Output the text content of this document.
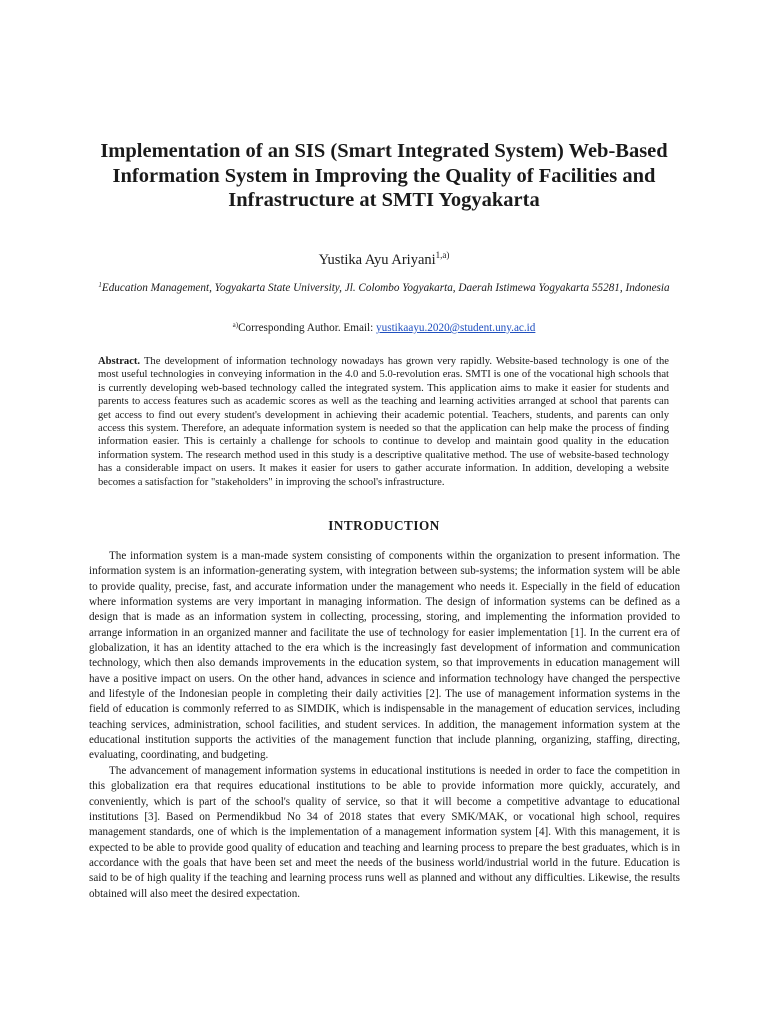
Implementation of an SIS (Smart Integrated System) Web-Based Information System in Improving the Quality of Facilities and Infrastructure at SMTI Yogyakarta
Yustika Ayu Ariyani$^{1,a)}$
$^1$Education Management, Yogyakarta State University, Jl. Colombo Yogyakarta, Daerah Istimewa Yogyakarta 55281, Indonesia
$^{a)}$Corresponding Author. Email: yustikaayu.2020@student.uny.ac.id
Abstract. The development of information technology nowadays has grown very rapidly. Website-based technology is one of the most useful technologies in conveying information in the 4.0 and 5.0-revolution eras. SMTI is one of the vocational high schools that is currently developing web-based technology called the integrated system. This application aims to make it easier for students and parents to access features such as academic scores as well as the teaching and learning activities arranged at school that parents can get access to find out every student's development in achieving their academic potential. Teachers, students, and parents can only access this system. Therefore, an adequate information system is needed so that the application can help make the process of finding information easier. This is certainly a challenge for schools to continue to develop and maintain good quality in the education information system. The research method used in this study is a descriptive qualitative method. The use of website-based technology has a considerable impact on users. It makes it easier for users to gather accurate information. In addition, developing a website becomes a satisfaction for "stakeholders" in improving the school's infrastructure.
INTRODUCTION

The information system is a man-made system consisting of components within the organization to present information. The information system is an information-generating system, with integration between sub-systems; the information system will be able to provide quality, precise, fast, and accurate information under the management who needs it. Especially in the field of education where information systems are very important in managing information. The design of information systems can be defined as a design that is made as an information system in collecting, processing, storing, and implementing the information provided to arrange information in an organized manner and facilitate the use of technology for easier implementation [1]. In the current era of globalization, it has an identity attached to the era which is the increasingly fast development of information and communication technology, which then also demands improvements in the education system, so that improvements in education management will have a positive impact on users. On the other hand, advances in science and information technology have changed the perspective and lifestyle of the Indonesian people in completing their daily activities [2]. The use of management information systems in the field of education is commonly referred to as SIMDIK, which is indispensable in the management of education services, including teaching services, administration, school facilities, and student services. In addition, the management information system at the educational institution supports the activities of the management function that include planning, organizing, staffing, directing, evaluating, coordinating, and budgeting.

The advancement of management information systems in educational institutions is needed in order to face the competition in this globalization era that requires educational institutions to be able to provide information more quickly, accurately, and conveniently, which is part of the school's quality of service, so that it will become a competitive advantage to educational institutions [3]. Based on Permendikbud No 34 of 2018 states that every SMK/MAK, or vocational high school, requires management standards, one of which is the implementation of a management information system [4]. With this management, it is expected to be able to provide good quality of education and teaching and learning process to prepare the best graduates, which is in accordance with the goals that have been set and meet the needs of the business world/industrial world in the future. Education is said to be of high quality if the teaching and learning process runs well as planned and without any difficulties. Likewise, the results obtained will also meet the desired expectation.
